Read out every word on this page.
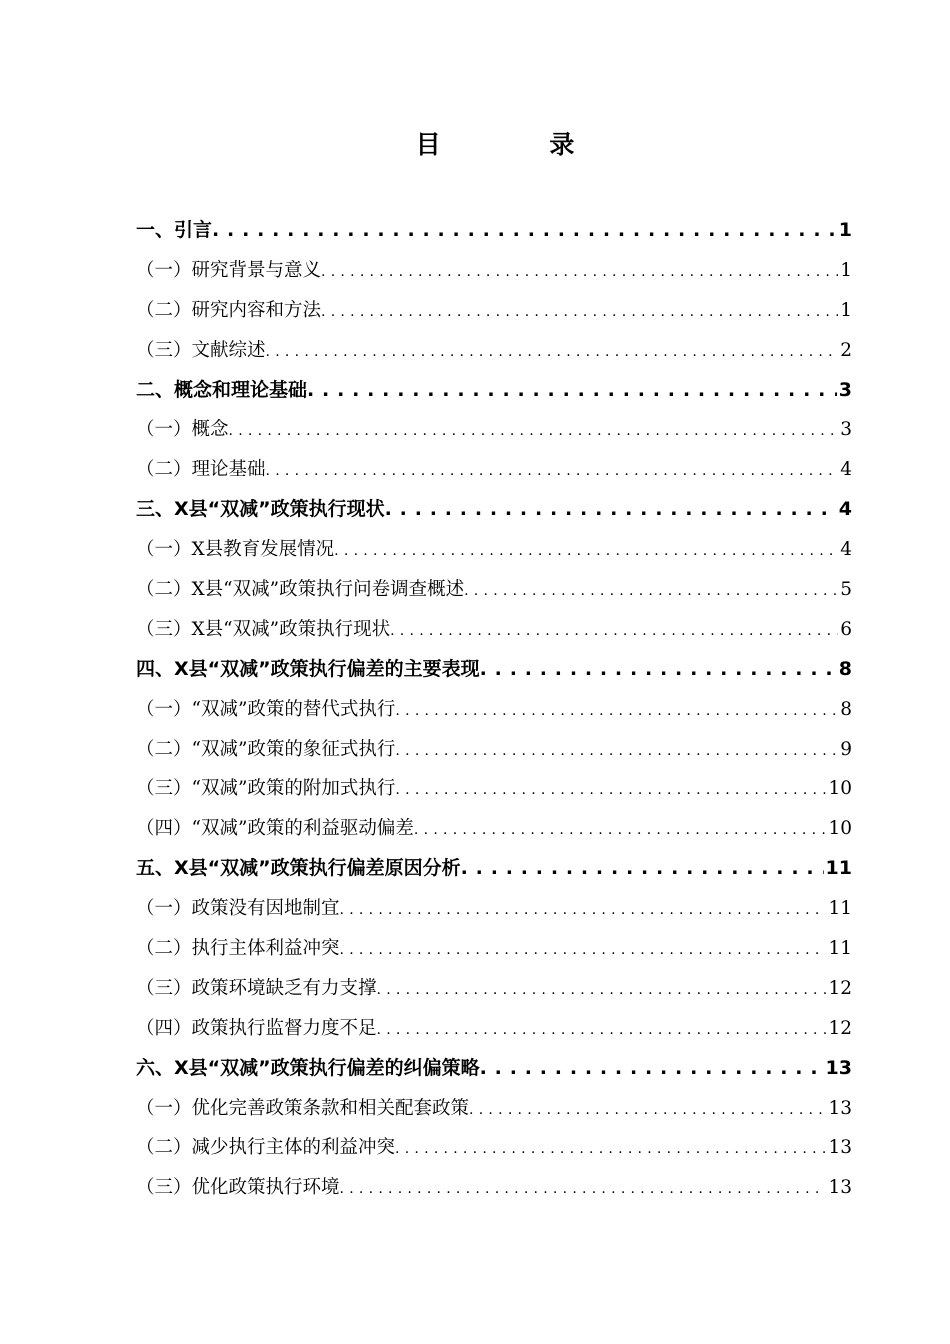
目 录
一、引言 . . .	1
（一）研究背景与意义 . . .	1
（二）研究内容和方法 . . .	1
（三）文献综述 . . .	2
二、概念和理论基础 . . .	3
（一）概念 . . .	3
（二）理论基础 . . .	4
三、X县“双减”政策执行现状 . . .	4
（一）X县教育发展情况 . . .	4
（二）X县“双减”政策执行问卷调查概述 . . .	5
（三）X县“双减”政策执行现状 . . .	6
四、X县“双减”政策执行偏差的主要表现 . . .	8
（一）“双减”政策的替代式执行 . . .	8
（二）“双减”政策的象征式执行 . . .	9
（三）“双减”政策的附加式执行 . . .	10
（四）“双减”政策的利益驱动偏差 . . .	10
五、X县“双减”政策执行偏差原因分析 . . .	11
（一）政策没有因地制宜 . . .	11
（二）执行主体利益冲突 . . .	11
（三）政策环境缺乏有力支撑 . . .	12
（四）政策执行监督力度不足 . . .	12
六、X县“双减”政策执行偏差的纠偏策略 . . .	13
（一）优化完善政策条款和相关配套政策 . . .	13
（二）减少执行主体的利益冲突 . . .	13
（三）优化政策执行环境 . . .	13
